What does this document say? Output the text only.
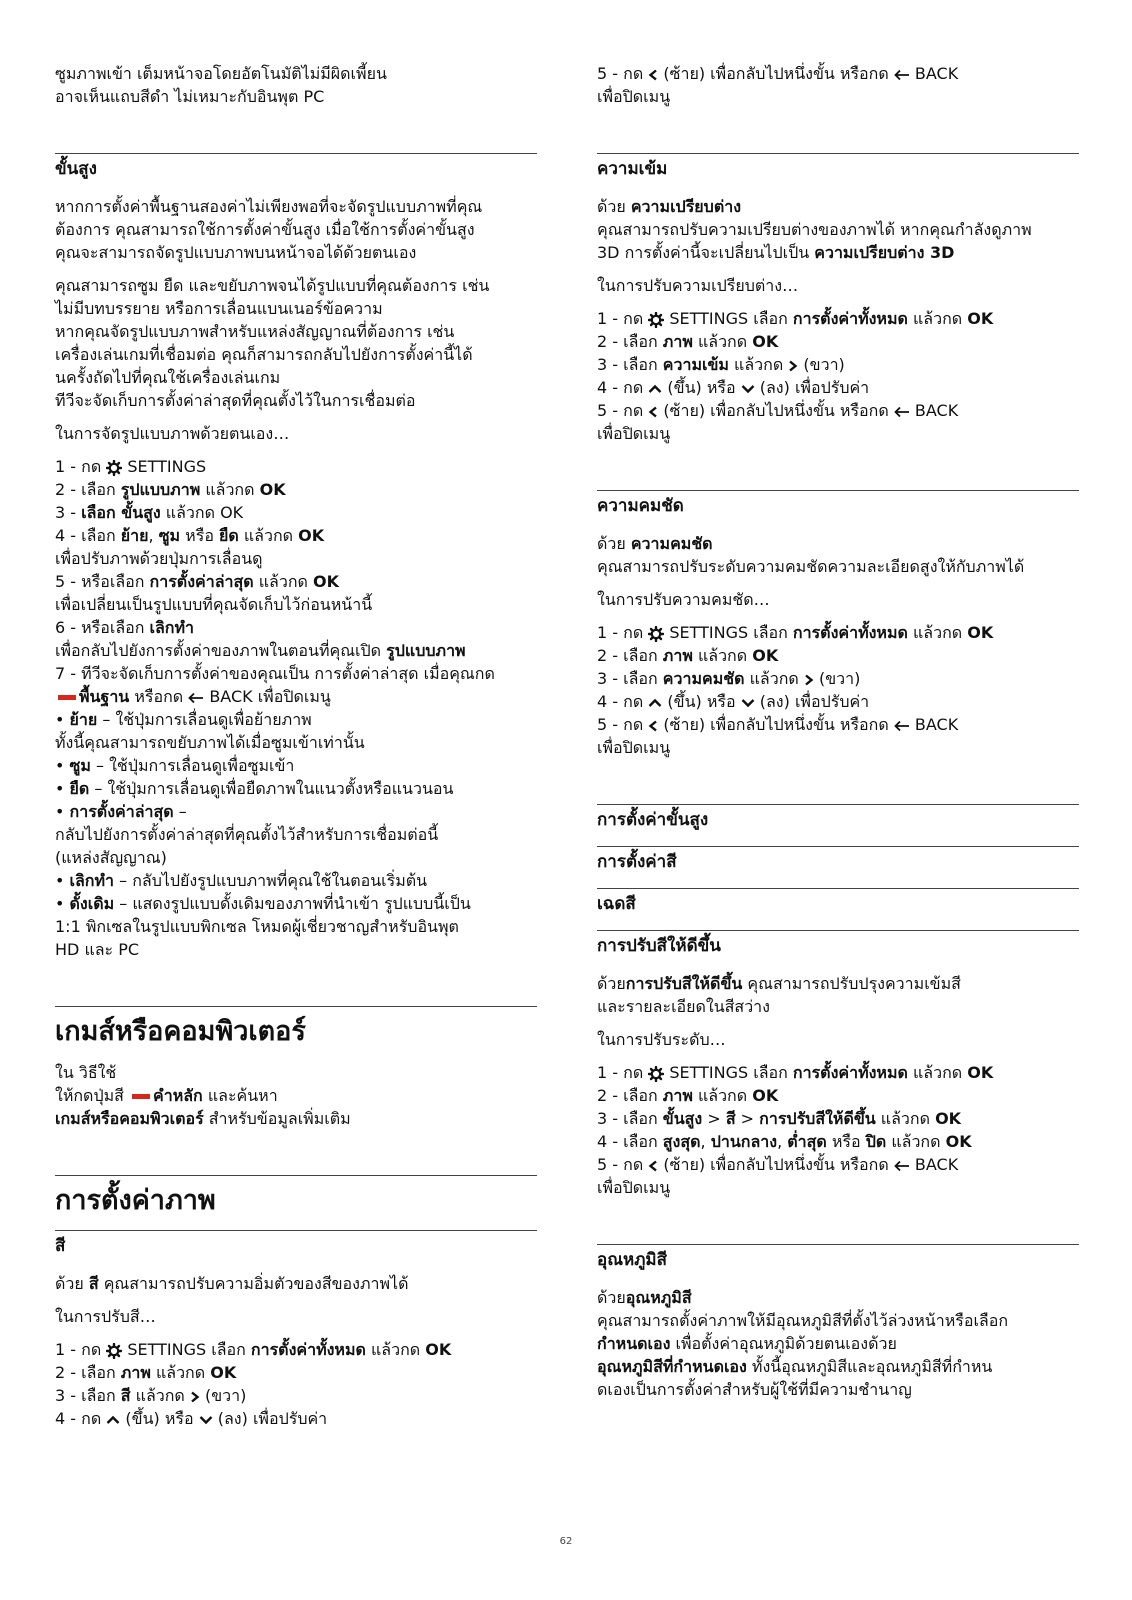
ซูมภาพเข้า เต็มหน้าจอโดยอัตโนมัติไม่มีผิดเพี้ยน

อาจเห็นแถบสีดำ ไม่เหมาะกับอินพุต PC

ขั้นสูง

หากการตั้งค่าพื้นฐานสองค่าไม่เพียงพอที่จะจัดรูปแบบภาพที่คุณ

ต้องการ คุณสามารถใช้การตั้งค่าขั้นสูง เมื่อใช้การตั้งค่าขั้นสูง

คุณจะสามารถจัดรูปแบบภาพบนหน้าจอได้ด้วยตนเอง

คุณสามารถซูม ยืด และขยับภาพจนได้รูปแบบที่คุณต้องการ เช่น

ไม่มีบทบรรยาย หรือการเลื่อนแบนเนอร์ข้อความ

หากคุณจัดรูปแบบภาพสำหรับแหล่งสัญญาณที่ต้องการ เช่น

เครื่องเล่นเกมที่เชื่อมต่อ คุณก็สามารถกลับไปยังการตั้งค่านี้ได้

นครั้งถัดไปที่คุณใช้เครื่องเล่นเกม

ทีวีจะจัดเก็บการตั้งค่าล่าสุดที่คุณตั้งไว้ในการเชื่อมต่อ

ในการจัดรูปแบบภาพด้วยตนเอง…

1 - กด SETTINGS

2 - เลือก รูปแบบภาพ แล้วกด OK

3 - เลือก ขั้นสูง แล้วกด OK

4 - เลือก ย้าย, ซูม หรือ ยืด แล้วกด OK

เพื่อปรับภาพด้วยปุ่มการเลื่อนดู

5 - หรือเลือก การตั้งค่าล่าสุด แล้วกด OK

เพื่อเปลี่ยนเป็นรูปแบบที่คุณจัดเก็บไว้ก่อนหน้านี้

6 - หรือเลือก เลิกทำ

เพื่อกลับไปยังการตั้งค่าของภาพในตอนที่คุณเปิด รูปแบบภาพ

7 - ทีวีจะจัดเก็บการตั้งค่าของคุณเป็น การตั้งค่าล่าสุด เมื่อคุณกด

พื้นฐาน หรือกด  BACK เพื่อปิดเมนู

• ย้าย – ใช้ปุ่มการเลื่อนดูเพื่อย้ายภาพ

ทั้งนี้คุณสามารถขยับภาพได้เมื่อซูมเข้าเท่านั้น

• ซูม – ใช้ปุ่มการเลื่อนดูเพื่อซูมเข้า

• ยืด – ใช้ปุ่มการเลื่อนดูเพื่อยืดภาพในแนวตั้งหรือแนวนอน

• การตั้งค่าล่าสุด –

กลับไปยังการตั้งค่าล่าสุดที่คุณตั้งไว้สำหรับการเชื่อมต่อนี้

(แหล่งสัญญาณ)

• เลิกทำ – กลับไปยังรูปแบบภาพที่คุณใช้ในตอนเริ่มต้น

• ดั้งเดิม – แสดงรูปแบบดั้งเดิมของภาพที่นำเข้า รูปแบบนี้เป็น

1:1 พิกเซลในรูปแบบพิกเซล โหมดผู้เชี่ยวชาญสำหรับอินพุต

HD และ PC

เกมส์หรือคอมพิวเตอร์

ใน วิธีใช้

ให้กดปุ่มสี คำหลัก และค้นหา

เกมส์หรือคอมพิวเตอร์ สำหรับข้อมูลเพิ่มเติม

การตั้งค่าภาพ
สี

ด้วย สี คุณสามารถปรับความอิ่มตัวของสีของภาพได้

ในการปรับสี…

1 - กด  SETTINGS เลือก การตั้งค่าทั้งหมด แล้วกด OK

2 - เลือก ภาพ แล้วกด OK

3 - เลือก สี แล้วกด  (ขวา)

4 - กด  (ขึ้น) หรือ  (ลง) เพื่อปรับค่า

5 - กด  (ซ้าย) เพื่อกลับไปหนึ่งขั้น หรือกด  BACK

เพื่อปิดเมนู

ความเข้ม

ด้วย ความเปรียบต่าง

คุณสามารถปรับความเปรียบต่างของภาพได้ หากคุณกำลังดูภาพ

3D การตั้งค่านี้จะเปลี่ยนไปเป็น ความเปรียบต่าง 3D

ในการปรับความเปรียบต่าง…

1 - กด  SETTINGS เลือก การตั้งค่าทั้งหมด แล้วกด OK

2 - เลือก ภาพ แล้วกด OK

3 - เลือก ความเข้ม แล้วกด  (ขวา)

4 - กด  (ขึ้น) หรือ  (ลง) เพื่อปรับค่า

5 - กด  (ซ้าย) เพื่อกลับไปหนึ่งขั้น หรือกด  BACK

เพื่อปิดเมนู

ความคมชัด

ด้วย ความคมชัด

คุณสามารถปรับระดับความคมชัดความละเอียดสูงให้กับภาพได้

ในการปรับความคมชัด…

1 - กด  SETTINGS เลือก การตั้งค่าทั้งหมด แล้วกด OK

2 - เลือก ภาพ แล้วกด OK

3 - เลือก ความคมชัด แล้วกด  (ขวา)

4 - กด  (ขึ้น) หรือ  (ลง) เพื่อปรับค่า

5 - กด  (ซ้าย) เพื่อกลับไปหนึ่งขั้น หรือกด  BACK

เพื่อปิดเมนู

การตั้งค่าขั้นสูง
การตั้งค่าสี
เฉดสี
การปรับสีให้ดีขึ้น

ด้วยการปรับสีให้ดีขึ้น คุณสามารถปรับปรุงความเข้มสี

และรายละเอียดในสีสว่าง

ในการปรับระดับ…

1 - กด  SETTINGS เลือก การตั้งค่าทั้งหมด แล้วกด OK

2 - เลือก ภาพ แล้วกด OK

3 - เลือก ขั้นสูง > สี > การปรับสีให้ดีขึ้น แล้วกด OK

4 - เลือก สูงสุด, ปานกลาง, ต่ำสุด หรือ ปิด แล้วกด OK

5 - กด  (ซ้าย) เพื่อกลับไปหนึ่งขั้น หรือกด  BACK

เพื่อปิดเมนู

อุณหภูมิสี

ด้วยอุณหภูมิสี

คุณสามารถตั้งค่าภาพให้มีอุณหภูมิสีที่ตั้งไว้ล่วงหน้าหรือเลือก

กำหนดเอง เพื่อตั้งค่าอุณหภูมิด้วยตนเองด้วย

อุณหภูมิสีที่กำหนดเอง ทั้งนี้อุณหภูมิสีและอุณหภูมิสีที่กำหน

ดเองเป็นการตั้งค่าสำหรับผู้ใช้ที่มีความชำนาญ

62
